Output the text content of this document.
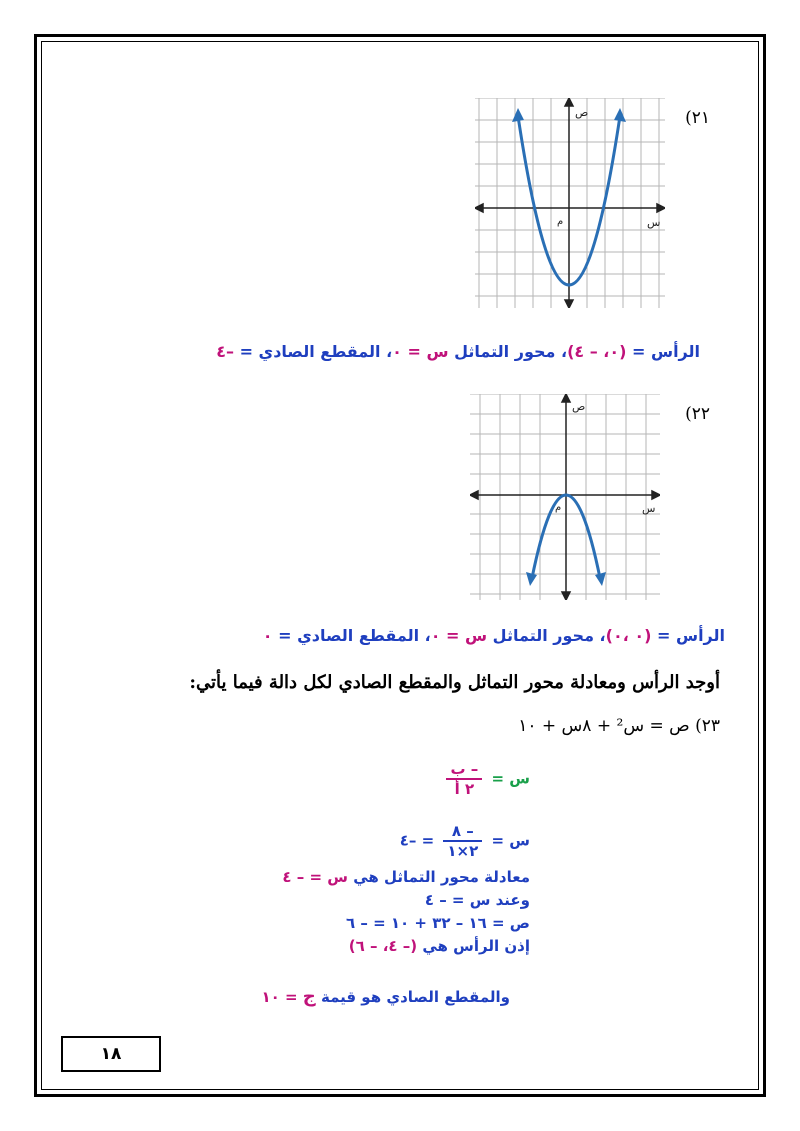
(٢١
ص
س
م
الرأس = (٠، – ٤)، محور التماثل س = ٠، المقطع الصادي = –٤
(٢٢
ص
س
م
الرأس = (٠ ،٠)، محور التماثل س = ٠، المقطع الصادي = ٠
أوجد الرأس ومعادلة محور التماثل والمقطع الصادي لكل دالة فيما يأتي:
٢٣) ص = س² + ٨س + ١٠
س =
$\frac{\text{– ب}}{\text{٢ أ}}$
س =
$\frac{- ٨}{٢\times ١}$
= –٤
معادلة محور التماثل هي س = – ٤
وعند س = – ٤
ص = ١٦ – ٣٢ + ١٠ = – ٦
إذن الرأس هي (– ٤، – ٦)
والمقطع الصادي هو قيمة ج = ١٠
١٨
